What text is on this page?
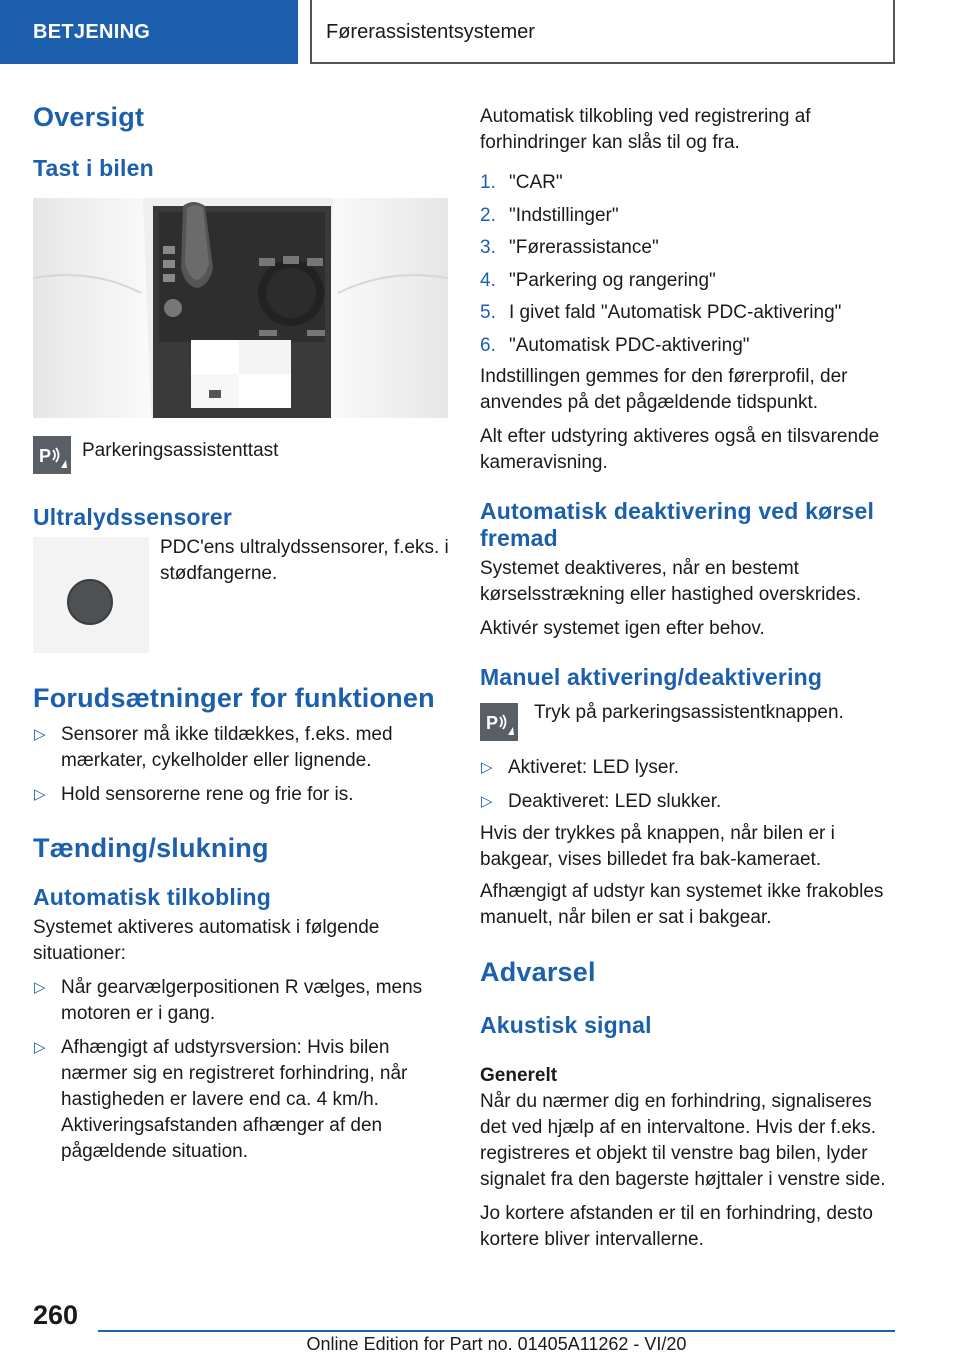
BETJENING	Førerassistentsystemer
Oversigt
Tast i bilen
P Parkeringsassistenttast

Ultralydssensorer

PDC'ens ultralydssensorer, f.eks. i stødfangerne.

Forudsætninger for funktionen
▷ Sensorer må ikke tildækkes, f.eks. med mærkater, cykelholder eller lignende.
▷ Hold sensorerne rene og frie for is.
Tænding/slukning
Automatisk tilkobling

Systemet aktiveres automatisk i følgende situationer:

▷ Når gearvælgerpositionen R vælges, mens motoren er i gang.
▷ Afhængigt af udstyrsversion: Hvis bilen nærmer sig en registreret forhindring, når hastigheden er lavere end ca. 4 km/h. Aktiveringsafstanden afhænger af den pågældende situation.

Automatisk tilkobling ved registrering af forhindringer kan slås til og fra.

1. "CAR"
2. "Indstillinger"
3. "Førerassistance"
4. "Parkering og rangering"
5. I givet fald "Automatisk PDC-aktivering"
6. "Automatisk PDC-aktivering"

Indstillingen gemmes for den førerprofil, der anvendes på det pågældende tidspunkt.

Alt efter udstyring aktiveres også en tilsvarende kameravisning.

Automatisk deaktivering ved kørsel fremad

Systemet deaktiveres, når en bestemt kørselsstrækning eller hastighed overskrides.

Aktivér systemet igen efter behov.

Manuel aktivering/deaktivering
P Tryk på parkeringsassistentknappen.

▷ Aktiveret: LED lyser.
▷ Deaktiveret: LED slukker.

Hvis der trykkes på knappen, når bilen er i bakgear, vises billedet fra bak-kameraet.

Afhængigt af udstyr kan systemet ikke frakobles manuelt, når bilen er sat i bakgear.

Advarsel
Akustisk signal
Generelt

Når du nærmer dig en forhindring, signaliseres det ved hjælp af en intervaltone. Hvis der f.eks. registreres et objekt til venstre bag bilen, lyder signalet fra den bagerste højttaler i venstre side.

Jo kortere afstanden er til en forhindring, desto kortere bliver intervallerne.

260
Online Edition for Part no. 01405A11262 - VI/20
